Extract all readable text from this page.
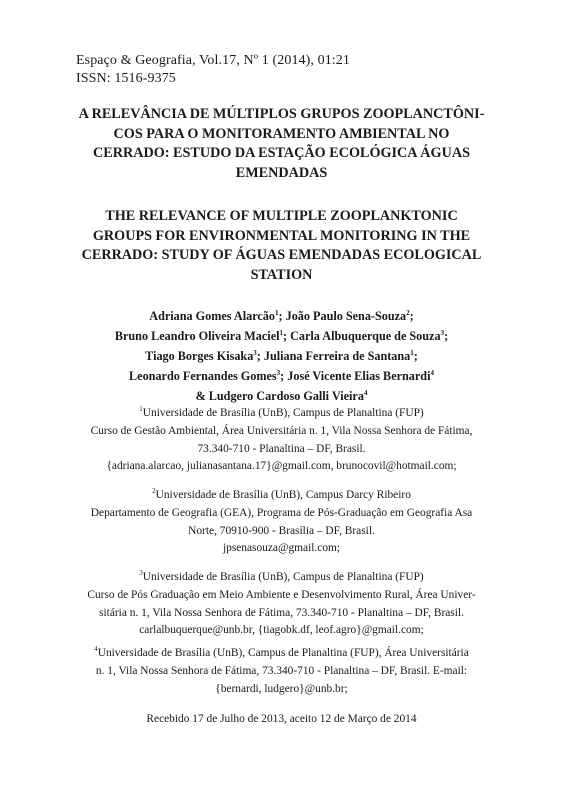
Espaço & Geografia, Vol.17, Nº 1 (2014), 01:21
ISSN: 1516-9375
A RELEVÂNCIA DE MÚLTIPLOS GRUPOS ZOOPLANCTÔNI-
COS PARA O MONITORAMENTO AMBIENTAL NO
CERRADO: ESTUDO DA ESTAÇÃO ECOLÓGICA ÁGUAS
EMENDADAS
THE RELEVANCE OF MULTIPLE ZOOPLANKTONIC
GROUPS FOR ENVIRONMENTAL MONITORING IN THE
CERRADO: STUDY OF ÁGUAS EMENDADAS ECOLOGICAL
STATION
Adriana Gomes Alarcão$^1$; João Paulo Sena-Souza$^2$;
Bruno Leandro Oliveira Maciel$^1$; Carla Albuquerque de Souza$^3$;
Tiago Borges Kisaka$^3$; Juliana Ferreira de Santana$^1$;
Leonardo Fernandes Gomes$^3$; José Vicente Elias Bernardi$^4$
& Ludgero Cardoso Galli Vieira$^4$
$^1$Universidade de Brasília (UnB), Campus de Planaltina (FUP)
Curso de Gestão Ambiental, Área Universitária n. 1, Vila Nossa Senhora de Fátima,
73.340-710 - Planaltina – DF, Brasil.
{adriana.alarcao, julianasantana.17}@gmail.com, brunocovil@hotmail.com;
$^2$Universidade de Brasília (UnB), Campus Darcy Ribeiro
Departamento de Geografia (GEA), Programa de Pós-Graduação em Geografia Asa
Norte, 70910-900 - Brasília – DF, Brasil.
jpsenasouza@gmail.com;
$^3$Universidade de Brasília (UnB), Campus de Planaltina (FUP)
Curso de Pós Graduação em Meio Ambiente e Desenvolvimento Rural, Área Univer-
sitária n. 1, Vila Nossa Senhora de Fátima, 73.340-710 - Planaltina – DF, Brasil.
carlalbuquerque@unb.br, {tiagobk.df, leof.agro}@gmail.com;
$^4$Universidade de Brasília (UnB), Campus de Planaltina (FUP), Área Universitária
n. 1, Vila Nossa Senhora de Fátima, 73.340-710 - Planaltina – DF, Brasil. E-mail:
{bernardi, ludgero}@unb.br;
Recebido 17 de Julho de 2013, aceito 12 de Março de 2014
